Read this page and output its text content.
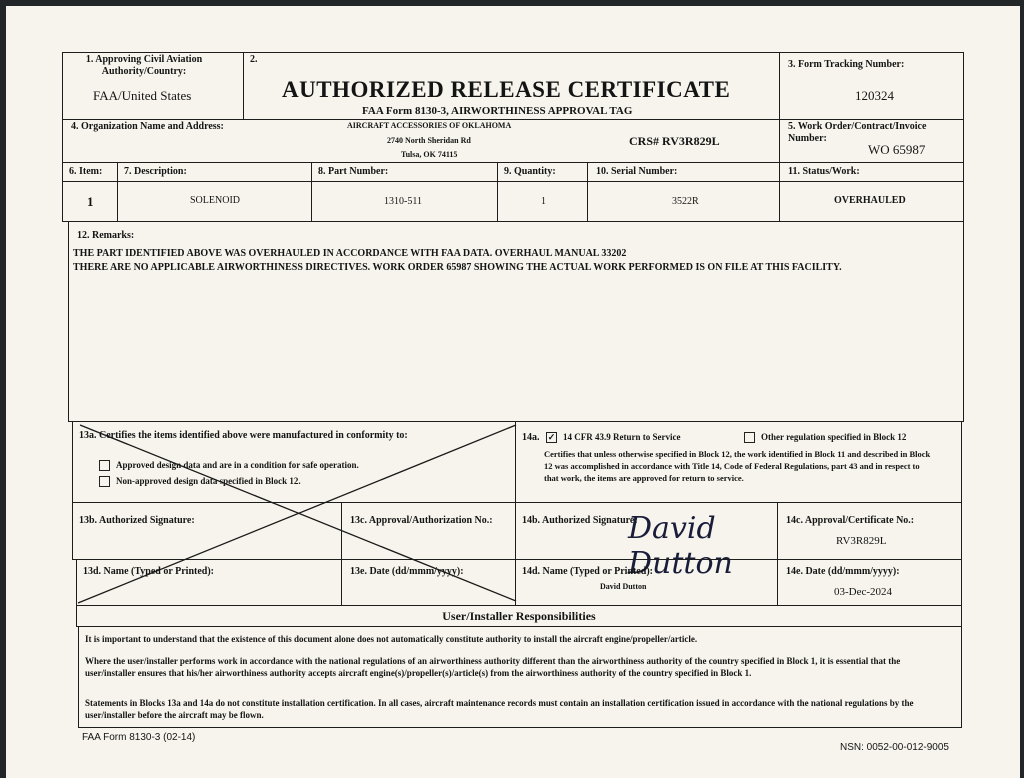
1. Approving Civil Aviation Authority/Country:
FAA/United States
2.
AUTHORIZED RELEASE CERTIFICATE
FAA Form 8130-3, AIRWORTHINESS APPROVAL TAG
3. Form Tracking Number:
120324
4. Organization Name and Address:	AIRCRAFT ACCESSORIES OF OKLAHOMA
2740 North Sheridan Rd
Tulsa, OK 74115
CRS# RV3R829L
5. Work Order/Contract/Invoice Number:
WO 65987
6. Item: 7. Description:	8. Part Number:	9. Quantity:	10. Serial Number:	11. Status/Work:
1	SOLENOID	1310-511	1	3522R	OVERHAULED
12. Remarks:
THE PART IDENTIFIED ABOVE WAS OVERHAULED IN ACCORDANCE WITH FAA DATA. OVERHAUL MANUAL 33202
THERE ARE NO APPLICABLE AIRWORTHINESS DIRECTIVES. WORK ORDER 65987 SHOWING THE ACTUAL WORK PERFORMED IS ON FILE AT THIS FACILITY.
13a. Certifies the items identified above were manufactured in conformity to:
Approved design data and are in a condition for safe operation.
Non-approved design data specified in Block 12.
14a. ✓ 14 CFR 43.9 Return to Service	Other regulation specified in Block 12
Certifies that unless otherwise specified in Block 12, the work identified in Block 11 and described in Block 12 was accomplished in accordance with Title 14, Code of Federal Regulations, part 43 and in respect to that work, the items are approved for return to service.
13b. Authorized Signature:	13c. Approval/Authorization No.:	14b. Authorized Signature:
David Dutton
14c. Approval/Certificate No.:
RV3R829L
13d. Name (Typed or Printed):	13e. Date (dd/mmm/yyyy):	14d. Name (Typed or Printed):
David Dutton
14e. Date (dd/mmm/yyyy):
03-Dec-2024
User/Installer Responsibilities
It is important to understand that the existence of this document alone does not automatically constitute authority to install the aircraft engine/propeller/article.
Where the user/installer performs work in accordance with the national regulations of an airworthiness authority different than the airworthiness authority of the country specified in Block 1, it is essential that the user/installer ensures that his/her airworthiness authority accepts aircraft engine(s)/propeller(s)/article(s) from the airworthiness authority of the country specified in Block 1.
Statements in Blocks 13a and 14a do not constitute installation certification. In all cases, aircraft maintenance records must contain an installation certification issued in accordance with the national regulations by the user/installer before the aircraft may be flown.
FAA Form 8130-3 (02-14)
NSN: 0052-00-012-9005
